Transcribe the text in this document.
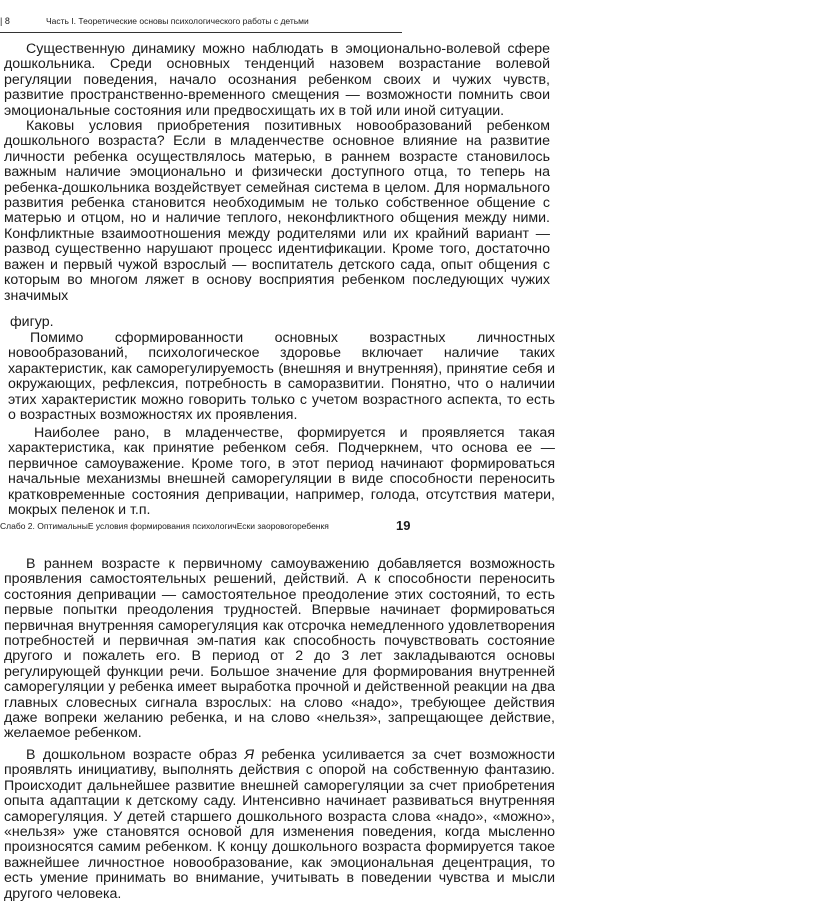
| 8	Часть I. Теоретические основы психологического работы с детьми

Существенную динамику можно наблюдать в эмоционально-волевой сфере дошкольника. Среди основных тенденций назовем возрастание волевой регуляции поведения, начало осознания ребенком своих и чужих чувств, развитие пространственно-временного смещения — возможности помнить свои эмоциональные состояния или предвосхищать их в той или иной ситуации.

Каковы условия приобретения позитивных новообразований ребенком дошкольного возраста? Если в младенчестве основное влияние на развитие личности ребенка осуществлялось матерью, в раннем возрасте становилось важным наличие эмоционально и физически доступного отца, то теперь на ребенка-дошкольника воздействует семейная система в целом. Для нормального развития ребенка становится необходимым не только собственное общение с матерью и отцом, но и наличие теплого, неконфликтного общения между ними. Конфликтные взаимоотношения между родителями или их крайний вариант — развод существенно нарушают процесс идентификации. Кроме того, достаточно важен и первый чужой взрослый — воспитатель детского сада, опыт общения с которым во многом ляжет в основу восприятия ребенком последующих чужих значимых

фигур.

Помимо сформированности основных возрастных личностных новообразований, психологическое здоровье включает наличие таких характеристик, как саморегулируемость (внешняя и внутренняя), принятие себя и окружающих, рефлексия, потребность в саморазвитии. Понятно, что о наличии этих характеристик можно говорить только с учетом возрастного аспекта, то есть о возрастных возможностях их проявления.

Наиболее рано, в младенчестве, формируется и проявляется такая характеристика, как принятие ребенком себя. Подчеркнем, что основа ее — первичное самоуважение. Кроме того, в этот период начинают формироваться начальные механизмы внешней саморегуляции в виде способности переносить кратковременные состояния депривации, например, голода, отсутствия матери, мокрых пеленок и т.п.

Слабо 2. ОптимальныЕ условия формирования психологичЕски заоровогоребенкя	19

В раннем возрасте к первичному самоуважению добавляется возможность проявления самостоятельных решений, действий. А к способности переносить состояния депривации — самостоятельное преодоление этих состояний, то есть первые попытки преодоления трудностей. Впервые начинает формироваться первичная внутренняя саморегуляция как отсрочка немедленного удовлетворения потребностей и первичная эм-патия как способность почувствовать состояние другого и пожалеть его. В период от 2 до 3 лет закладываются основы регулирующей функции речи. Большое значение для формирования внутренней саморегуляции у ребенка имеет выработка прочной и действенной реакции на два главных словесных сигнала взрослых: на слово «надо», требующее действия даже вопреки желанию ребенка, и на слово «нельзя», запрещающее действие, желаемое ребенком.

В дошкольном возрасте образ Я ребенка усиливается за счет возможности проявлять инициативу, выполнять действия с опорой на собственную фантазию. Происходит дальнейшее развитие внешней саморегуляции за счет приобретения опыта адаптации к детскому саду. Интенсивно начинает развиваться внутренняя саморегуляция. У детей старшего дошкольного возраста слова «надо», «можно», «нельзя» уже становятся основой для изменения поведения, когда мысленно произносятся самим ребенком. К концу дошкольного возраста формируется такое важнейшее личностное новообразование, как эмоциональная децентрация, то есть умение принимать во внимание, учитывать в поведении чувства и мысли другого человека.
